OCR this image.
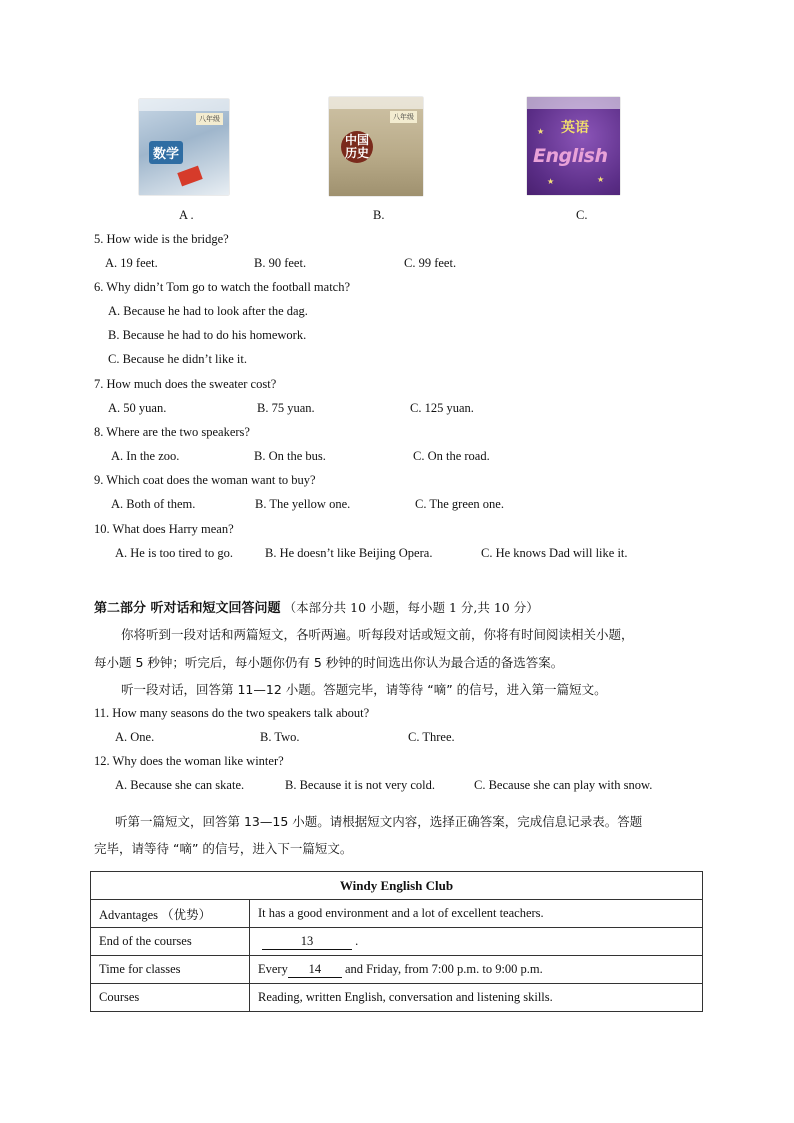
八年级
数学
八年级
中国历史
英语
English
★
★
★
A .	B.	C.
5. How wide is the bridge?
A. 19 feet.	B. 90 feet.	C. 99 feet.
6. Why didn’t Tom go to watch the football match?
A. Because he had to look after the dag.
B. Because he had to do his homework.
C. Because he didn’t like it.
7. How much does the sweater cost?
A. 50 yuan.	B. 75 yuan.	C. 125 yuan.
8. Where are the two speakers?
A. In the zoo.	B. On the bus.	C. On the road.
9. Which coat does the woman want to buy?
A. Both of them.	B. The yellow one.	C. The green one.
10. What does Harry mean?
A. He is too tired to go.	B. He doesn’t like Beijing Opera.	C. He knows Dad will like it.
第二部分 听对话和短文回答问题 （本部分共 10 小题，每小题 1 分,共 10 分）
你将听到一段对话和两篇短文，各听两遍。听每段对话或短文前，你将有时间阅读相关小题，
每小题 5 秒钟；听完后，每小题你仍有 5 秒钟的时间选出你认为最合适的备选答案。
听一段对话，回答第 11—12 小题。答题完毕，请等待 “嘀” 的信号，进入第一篇短文。
11. How many seasons do the two speakers talk about?
A. One.	B. Two.	C. Three.
12. Why does the woman like winter?
A. Because she can skate.	B. Because it is not very cold.	C. Because she can play with snow.
听第一篇短文，回答第 13—15 小题。请根据短文内容，选择正确答案，完成信息记录表。答题
完毕，请等待 “嘀” 的信号，进入下一篇短文。
Windy English Club	
Advantages （优势）	It has a good environment and a lot of excellent teachers.
End of the courses	13 .
Time for classes	Every 14 and Friday, from 7:00 p.m. to 9:00 p.m.
Courses	Reading, written English, conversation and listening skills.
